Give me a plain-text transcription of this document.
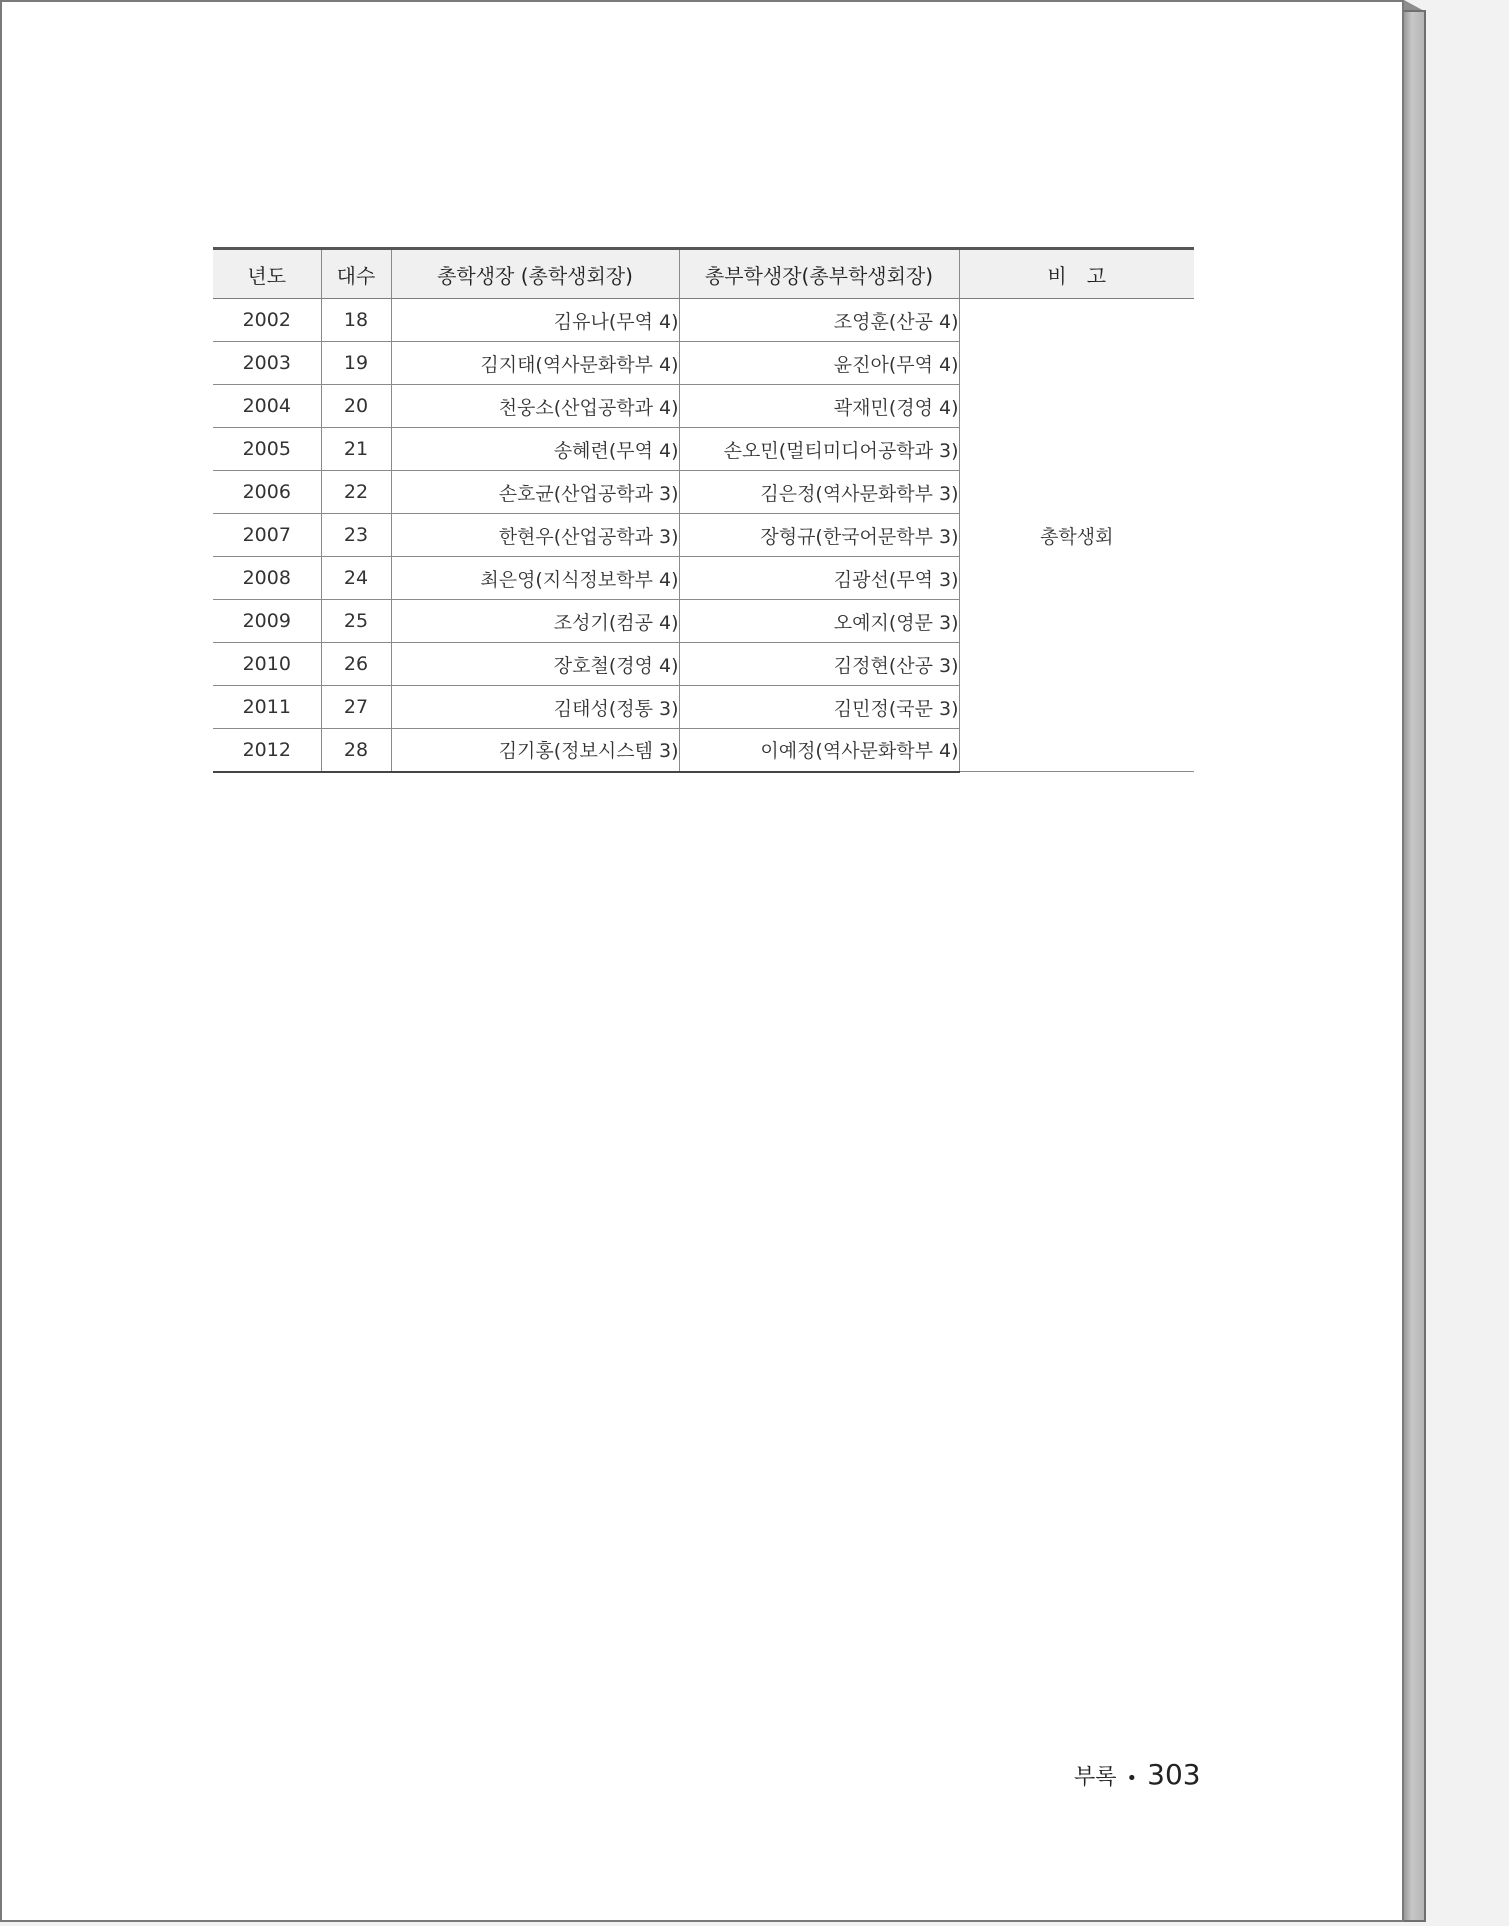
년도	대수	총학생장 (총학생회장)	총부학생장(총부학생회장)	비　고
2002	18	김유나(무역 4)	조영훈(산공 4)	총학생회
2003	19	김지태(역사문화학부 4)	윤진아(무역 4)	
2004	20	천웅소(산업공학과 4)	곽재민(경영 4)	
2005	21	송혜련(무역 4)	손오민(멀티미디어공학과 3)	
2006	22	손호균(산업공학과 3)	김은정(역사문화학부 3)	
2007	23	한현우(산업공학과 3)	장형규(한국어문학부 3)	
2008	24	최은영(지식정보학부 4)	김광선(무역 3)	
2009	25	조성기(컴공 4)	오예지(영문 3)	
2010	26	장호철(경영 4)	김정현(산공 3)	
2011	27	김태성(정통 3)	김민정(국문 3)	
2012	28	김기홍(정보시스템 3)	이예정(역사문화학부 4)	
부록 • 303
